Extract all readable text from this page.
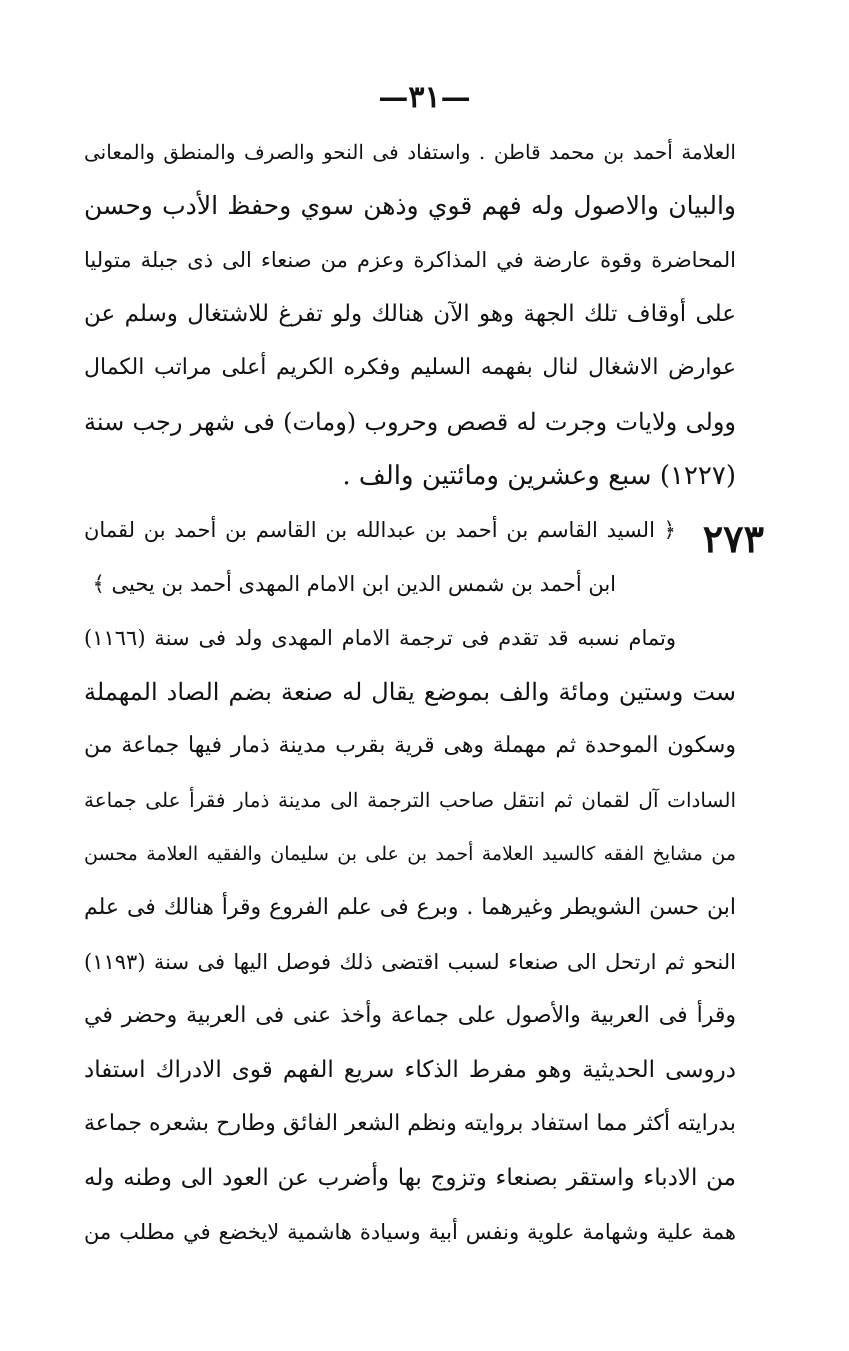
—٣١—
٢٧٣
العلامة أحمد بن محمد قاطن . واستفاد فى النحو والصرف والمنطق والمعانى
والبيان والاصول وله فهم قوي وذهن سوي وحفظ الأدب وحسن
المحاضرة وقوة عارضة في المذاكرة وعزم من صنعاء الى ذى جبلة متوليا
على أوقاف تلك الجهة وهو الآن هنالك ولو تفرغ للاشتغال وسلم عن
عوارض الاشغال لنال بفهمه السليم وفكره الكريم أعلى مراتب الكمال
وولى ولايات وجرت له قصص وحروب (ومات) فى شهر رجب سنة
(١٢٢٧) سبع وعشرين ومائتين والف .
﴿ السيد القاسم بن أحمد بن عبدالله بن القاسم بن أحمد بن لقمان
ابن أحمد بن شمس الدين ابن الامام المهدى أحمد بن يحيى ﴾
وتمام نسبه قد تقدم فى ترجمة الامام المهدى ولد فى سنة (١١٦٦)
ست وستين ومائة والف بموضع يقال له صنعة بضم الصاد المهملة
وسكون الموحدة ثم مهملة وهى قرية بقرب مدينة ذمار فيها جماعة من
السادات آل لقمان ثم انتقل صاحب الترجمة الى مدينة ذمار فقرأ على جماعة
من مشايخ الفقه كالسيد العلامة أحمد بن على بن سليمان والفقيه العلامة محسن
ابن حسن الشويطر وغيرهما . وبرع فى علم الفروع وقرأ هنالك فى علم
النحو ثم ارتحل الى صنعاء لسبب اقتضى ذلك فوصل اليها فى سنة (١١٩٣)
وقرأ فى العربية والأصول على جماعة وأخذ عنى فى العربية وحضر في
دروسى الحديثية وهو مفرط الذكاء سريع الفهم قوى الادراك استفاد
بدرايته أكثر مما استفاد بروايته ونظم الشعر الفائق وطارح بشعره جماعة
من الادباء واستقر بصنعاء وتزوج بها وأضرب عن العود الى وطنه وله
همة علية وشهامة علوية ونفس أبية وسيادة هاشمية لايخضع في مطلب من
